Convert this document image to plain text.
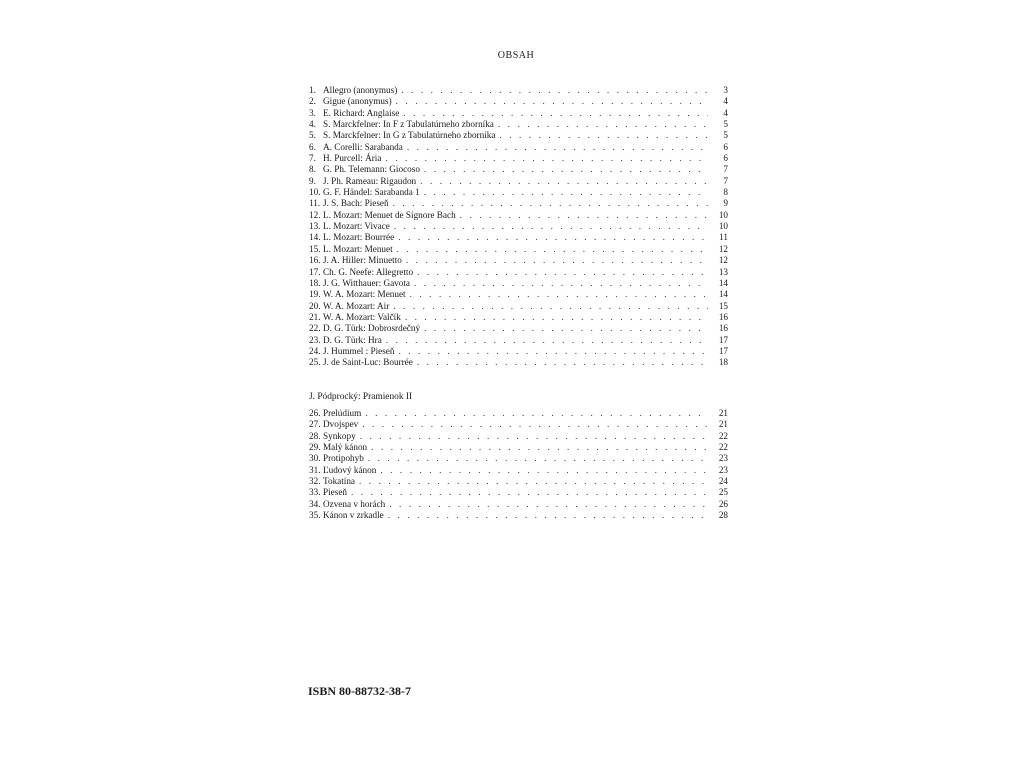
OBSAH
1. Allegro (anonymus) . . .	3
2. Gigue (anonymus) . . .	4
3. E. Richard: Anglaise . . .	4
4. S. Marckfelner: In F z Tabulatúrneho zborníka . . .	5
5. S. Marckfelner: In G z Tabulatúrneho zborníka . . .	5
6. A. Corelli: Sarabanda . . .	6
7. H. Purcell: Ária . . .	6
8. G. Ph. Telemann: Giocoso . . .	7
9. J. Ph. Rameau: Rigaudon . . .	7
10. G. F. Händel: Sarabanda 1 . . .	8
11. J. S. Bach: Pieseň . . .	9
12. L. Mozart: Menuet de Signore Bach . . .	10
13. L. Mozart: Vivace . . .	10
14. L. Mozart: Bourrée . . .	11
15. L. Mozart: Menuet . . .	12
16. J. A. Hiller: Minuetto . . .	12
17. Ch. G. Neefe: Allegretto . . .	13
18. J. G. Witthauer: Gavota . . .	14
19. W. A. Mozart: Menuet . . .	14
20. W. A. Mozart: Air . . .	15
21. W. A. Mozart: Valčík . . .	16
22. D. G. Türk: Dobrosrdečný . . .	16
23. D. G. Türk: Hra . . .	17
24. J. Hummel : Pieseň . . .	17
25. J. de Saint-Luc: Bourrée . . .	18
J. Pódprocký: Pramienok II
26. Prelúdium . . .	21
27. Dvojspev . . .	21
28. Synkopy . . .	22
29. Malý kánon . . .	22
30. Protipohyb . . .	23
31. Ľudový kánon . . .	23
32. Tokatína . . .	24
33. Pieseň . . .	25
34. Ozvena v horách . . .	26
35. Kánon v zrkadle . . .	28
ISBN 80-88732-38-7
